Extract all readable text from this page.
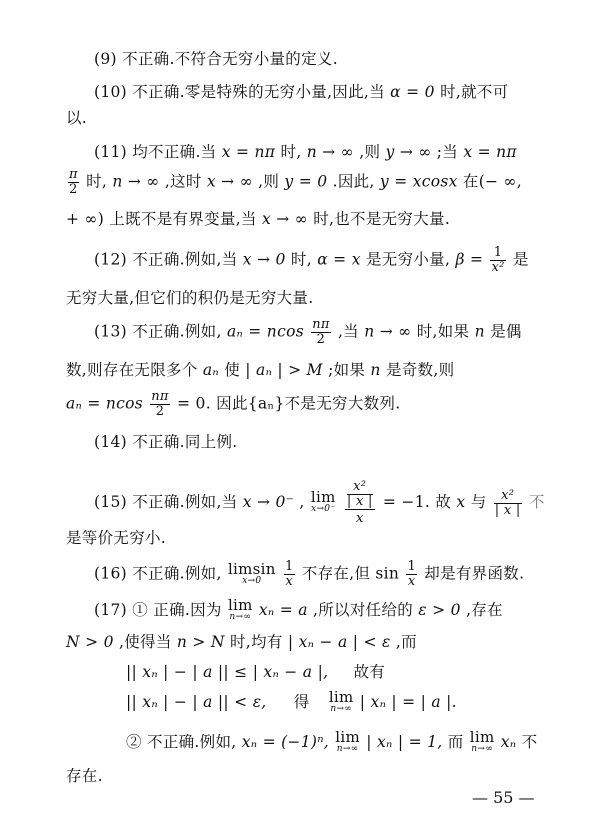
(9) 不正确.不符合无穷小量的定义.
(10) 不正确.零是特殊的无穷小量,因此,当 α = 0 时,就不可
以.
(11) 均不正确.当 x = nπ 时, n → ∞ ,则 y → ∞ ;当 x = nπ
$\frac{\pi}{2}$ 时, n → ∞ ,这时 x → ∞ ,则 y = 0 .因此, y = xcosx 在(− ∞,
+ ∞) 上既不是有界变量,当 x → ∞ 时,也不是无穷大量.
(12) 不正确.例如,当 x → 0 时, α = x 是无穷小量, $\beta = \frac{1}{\text{x²}}$ 是
无穷大量,但它们的积仍是无穷大量.
(13) 不正确.例如, aₙ = ncos $\frac{n\pi}{2}$ ,当 n → ∞ 时,如果 n 是偶
数,则存在无限多个 aₙ 使 | aₙ | > M ;如果 n 是奇数,则
aₙ = ncos $\frac{n\pi}{2} = 0$. 因此{aₙ}不是无穷大数列.
(14) 不正确.同上例.
(15) 不正确.例如,当 x → 0⁻ , lim
x→0⁻
$\frac{\frac{\text{x²}}{| x |}}{x} = -1$. 故 x 与 $\frac{\text{x²}}{| x |}$ 不
是等价无穷小.
(16) 不正确.例如, limsin
x→0
	$\frac{1}{x}$ 不存在,但 $\sin \frac{1}{x}$ 却是有界函数.
(17) ① 正确.因为 lim
n→∞ xₙ = a ,所以对任给的 ε > 0 ,存在
N > 0 ,使得当 n > N 时,均有 | xₙ − a | < ε ,而
|| xₙ | − | a || ≤ | xₙ − a |, 故有
|| xₙ | − | a || < ε, 得 lim
n→∞ | xₙ | = | a |.
② 不正确.例如, xₙ = (−1)ⁿ, lim
n→∞ | xₙ | = 1, 而 lim
n→∞ xₙ 不
存在.
— 55 —
